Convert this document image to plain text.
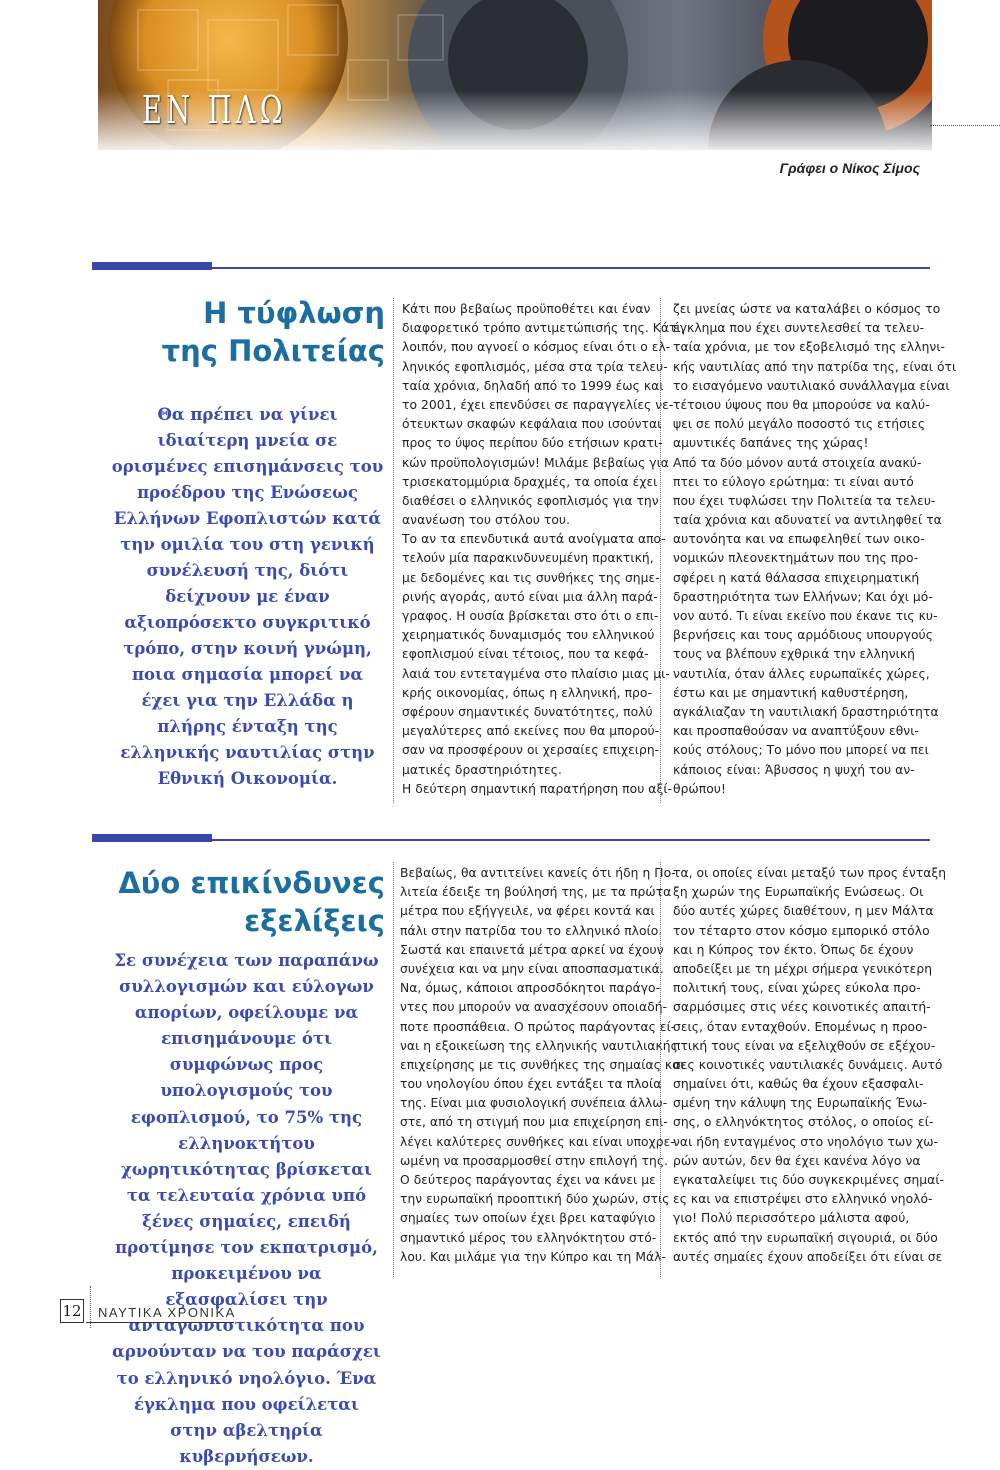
ΕΝ ΠΛΩ
Γράφει ο Νίκος Σίμος
Η τύφλωση
της Πολιτείας
Θα πρέπει να γίνει ιδιαίτερη μνεία σε ορισμένες επισημάνσεις του προέδρου της Ενώσεως Ελλήνων Εφοπλιστών κατά την ομιλία του στη γενική συνέλευσή της, διότι δείχνουν με έναν αξιοπρόσεκτο συγκριτικό τρόπο, στην κοινή γνώμη, ποια σημασία μπορεί να έχει για την Ελλάδα η πλήρης ένταξη της ελληνικής ναυτιλίας στην Εθνική Οικονομία.
Κάτι που βεβαίως προϋποθέτει και έναν
διαφορετικό τρόπο αντιμετώπισής της. Κάτι,
λοιπόν, που αγνοεί ο κόσμος είναι ότι ο ελ-
ληνικός εφοπλισμός, μέσα στα τρία τελευ-
ταία χρόνια, δηλαδή από το 1999 έως και
το 2001, έχει επενδύσει σε παραγγελίες νε-
ότευκτων σκαφών κεφάλαια που ισούνται
προς το ύψος περίπου δύο ετήσιων κρατι-
κών προϋπολογισμών! Μιλάμε βεβαίως για
τρισεκατομμύρια δραχμές, τα οποία έχει
διαθέσει ο ελληνικός εφοπλισμός για την
ανανέωση του στόλου του.
Το αν τα επενδυτικά αυτά ανοίγματα απο-
τελούν μία παρακινδυνευμένη πρακτική,
με δεδομένες και τις συνθήκες της σημε-
ρινής αγοράς, αυτό είναι μια άλλη παρά-
γραφος. Η ουσία βρίσκεται στο ότι ο επι-
χειρηματικός δυναμισμός του ελληνικού
εφοπλισμού είναι τέτοιος, που τα κεφά-
λαιά του εντεταγμένα στο πλαίσιο μιας μι-
κρής οικονομίας, όπως η ελληνική, προ-
σφέρουν σημαντικές δυνατότητες, πολύ
μεγαλύτερες από εκείνες που θα μπορού-
σαν να προσφέρουν οι χερσαίες επιχειρη-
ματικές δραστηριότητες.
Η δεύτερη σημαντική παρατήρηση που αξί-
ζει μνείας ώστε να καταλάβει ο κόσμος το
έγκλημα που έχει συντελεσθεί τα τελευ-
ταία χρόνια, με τον εξοβελισμό της ελληνι-
κής ναυτιλίας από την πατρίδα της, είναι ότι
το εισαγόμενο ναυτιλιακό συνάλλαγμα είναι
τέτοιου ύψους που θα μπορούσε να καλύ-
ψει σε πολύ μεγάλο ποσοστό τις ετήσιες
αμυντικές δαπάνες της χώρας!
Από τα δύο μόνον αυτά στοιχεία ανακύ-
πτει το εύλογο ερώτημα: τι είναι αυτό
που έχει τυφλώσει την Πολιτεία τα τελευ-
ταία χρόνια και αδυνατεί να αντιληφθεί τα
αυτονόητα και να επωφεληθεί των οικο-
νομικών πλεονεκτημάτων που της προ-
σφέρει η κατά θάλασσα επιχειρηματική
δραστηριότητα των Ελλήνων; Και όχι μό-
νον αυτό. Τι είναι εκείνο που έκανε τις κυ-
βερνήσεις και τους αρμόδιους υπουργούς
τους να βλέπουν εχθρικά την ελληνική
ναυτιλία, όταν άλλες ευρωπαϊκές χώρες,
έστω και με σημαντική καθυστέρηση,
αγκάλιαζαν τη ναυτιλιακή δραστηριότητα
και προσπαθούσαν να αναπτύξουν εθνι-
κούς στόλους; Το μόνο που μπορεί να πει
κάποιος είναι: Άβυσσος η ψυχή του αν-
θρώπου!
Δύο επικίνδυνες
εξελίξεις
Σε συνέχεια των παραπάνω συλλογισμών και εύλογων απορίων, οφείλουμε να επισημάνουμε ότι συμφώνως προς υπολογισμούς του εφοπλισμού, το 75% της ελληνοκτήτου χωρητικότητας βρίσκεται τα τελευταία χρόνια υπό ξένες σημαίες, επειδή προτίμησε τον εκπατρισμό, προκειμένου να εξασφαλίσει την ανταγωνιστικότητα που αρνούνταν να του παράσχει το ελληνικό νηολόγιο. Ένα έγκλημα που οφείλεται στην αβελτηρία κυβερνήσεων.
Βεβαίως, θα αντιτείνει κανείς ότι ήδη η Πο-
λιτεία έδειξε τη βούλησή της, με τα πρώτα
μέτρα που εξήγγειλε, να φέρει κοντά και
πάλι στην πατρίδα του το ελληνικό πλοίο.
Σωστά και επαινετά μέτρα αρκεί να έχουν
συνέχεια και να μην είναι αποσπασματικά.
Να, όμως, κάποιοι απροσδόκητοι παράγο-
ντες που μπορούν να ανασχέσουν οποιαδή-
ποτε προσπάθεια. Ο πρώτος παράγοντας εί-
ναι η εξοικείωση της ελληνικής ναυτιλιακής
επιχείρησης με τις συνθήκες της σημαίας και
του νηολογίου όπου έχει εντάξει τα πλοία
της. Είναι μια φυσιολογική συνέπεια άλλω-
στε, από τη στιγμή που μια επιχείρηση επι-
λέγει καλύτερες συνθήκες και είναι υποχρε-
ωμένη να προσαρμοσθεί στην επιλογή της.
Ο δεύτερος παράγοντας έχει να κάνει με
την ευρωπαϊκή προοπτική δύο χωρών, στις
σημαίες των οποίων έχει βρει καταφύγιο
σημαντικό μέρος του ελληνόκτητου στό-
λου. Και μιλάμε για την Κύπρο και τη Μάλ-
τα, οι οποίες είναι μεταξύ των προς ένταξη
ξη χωρών της Ευρωπαϊκής Ενώσεως. Οι
δύο αυτές χώρες διαθέτουν, η μεν Μάλτα
τον τέταρτο στον κόσμο εμπορικό στόλο
και η Κύπρος τον έκτο. Όπως δε έχουν
αποδείξει με τη μέχρι σήμερα γενικότερη
πολιτική τους, είναι χώρες εύκολα προ-
σαρμόσιμες στις νέες κοινοτικές απαιτή-
σεις, όταν ενταχθούν. Επομένως η προο-
πτική τους είναι να εξελιχθούν σε εξέχου-
σες κοινοτικές ναυτιλιακές δυνάμεις. Αυτό
σημαίνει ότι, καθώς θα έχουν εξασφαλι-
σμένη την κάλυψη της Ευρωπαϊκής Ένω-
σης, ο ελληνόκτητος στόλος, ο οποίος εί-
ναι ήδη ενταγμένος στο νηολόγιο των χω-
ρών αυτών, δεν θα έχει κανένα λόγο να
εγκαταλείψει τις δύο συγκεκριμένες σημαί-
ες και να επιστρέψει στο ελληνικό νηολό-
γιο! Πολύ περισσότερο μάλιστα αφού,
εκτός από την ευρωπαϊκή σιγουριά, οι δύο
αυτές σημαίες έχουν αποδείξει ότι είναι σε
12 ΝΑΥΤΙΚΑ ΧΡΟΝΙΚΑ
